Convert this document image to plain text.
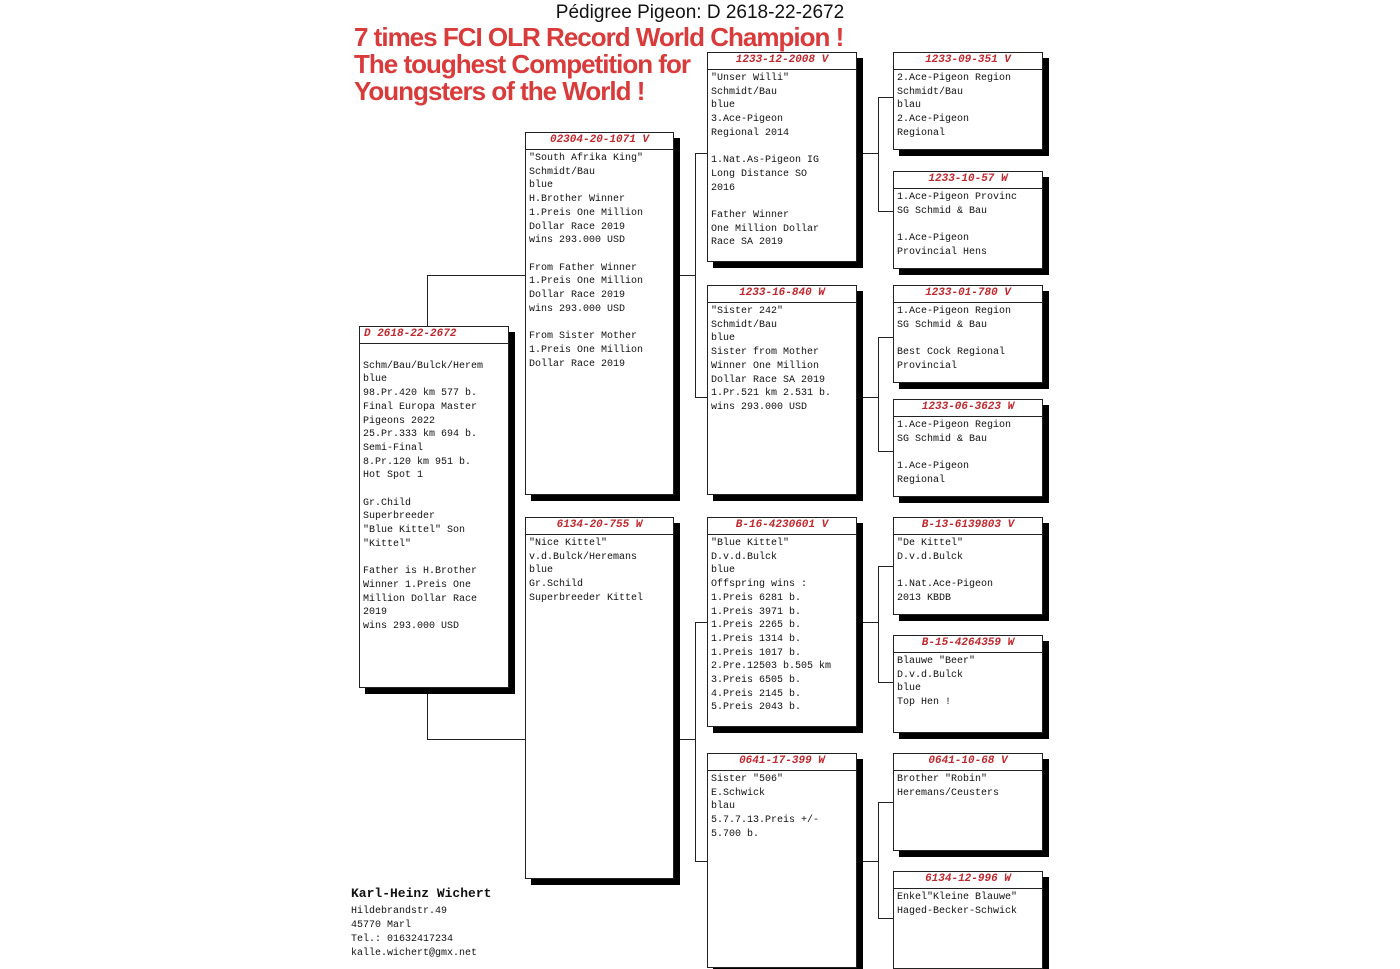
Pédigree Pigeon: D 2618-22-2672
7 times FCI OLR Record World Champion !
The toughest Competition for
Youngsters of the World !
D 2618-22-2672

Schm/Bau/Bulck/Herem
blue
98.Pr.420 km 577 b.
Final Europa Master
Pigeons 2022
25.Pr.333 km 694 b.
Semi-Final
8.Pr.120 km 951 b.
Hot Spot 1

Gr.Child
Superbreeder
"Blue Kittel" Son
"Kittel"

Father is H.Brother
Winner 1.Preis One
Million Dollar Race
2019
wins 293.000 USD
02304-20-1071 V
"South Afrika King"
Schmidt/Bau
blue
H.Brother Winner
1.Preis One Million
Dollar Race 2019
wins 293.000 USD

From Father Winner
1.Preis One Million
Dollar Race 2019
wins 293.000 USD

From Sister Mother
1.Preis One Million
Dollar Race 2019
6134-20-755 W
"Nice Kittel"
v.d.Bulck/Heremans
blue
Gr.Schild
Superbreeder Kittel
1233-12-2008 V
"Unser Willi"
Schmidt/Bau
blue
3.Ace-Pigeon
Regional 2014

1.Nat.As-Pigeon IG
Long Distance SO
2016

Father Winner
One Million Dollar
Race SA 2019
1233-16-840 W
"Sister 242"
Schmidt/Bau
blue
Sister from Mother
Winner One Million
Dollar Race SA 2019
1.Pr.521 km 2.531 b.
wins 293.000 USD
B-16-4230601 V
"Blue Kittel"
D.v.d.Bulck
blue
Offspring wins :
1.Preis 6281 b.
1.Preis 3971 b.
1.Preis 2265 b.
1.Preis 1314 b.
1.Preis 1017 b.
2.Pre.12503 b.505 km
3.Preis 6505 b.
4.Preis 2145 b.
5.Preis 2043 b.
0641-17-399 W
Sister "506"
E.Schwick
blau
5.7.7.13.Preis +/-
5.700 b.
1233-09-351 V
2.Ace-Pigeon Region
Schmidt/Bau
blau
2.Ace-Pigeon
Regional
1233-10-57 W
1.Ace-Pigeon Provinc
SG Schmid & Bau

1.Ace-Pigeon
Provincial Hens
1233-01-780 V
1.Ace-Pigeon Region
SG Schmid & Bau

Best Cock Regional
Provincial
1233-06-3623 W
1.Ace-Pigeon Region
SG Schmid & Bau

1.Ace-Pigeon
Regional
B-13-6139803 V
"De Kittel"
D.v.d.Bulck

1.Nat.Ace-Pigeon
2013 KBDB
B-15-4264359 W
Blauwe "Beer"
D.v.d.Bulck
blue
Top Hen !
0641-10-68 V
Brother "Robin"
Heremans/Ceusters
6134-12-996 W
Enkel"Kleine Blauwe"
Haged-Becker-Schwick
Karl-Heinz Wichert
Hildebrandstr.49
45770 Marl
Tel.: 01632417234
kalle.wichert@gmx.net
